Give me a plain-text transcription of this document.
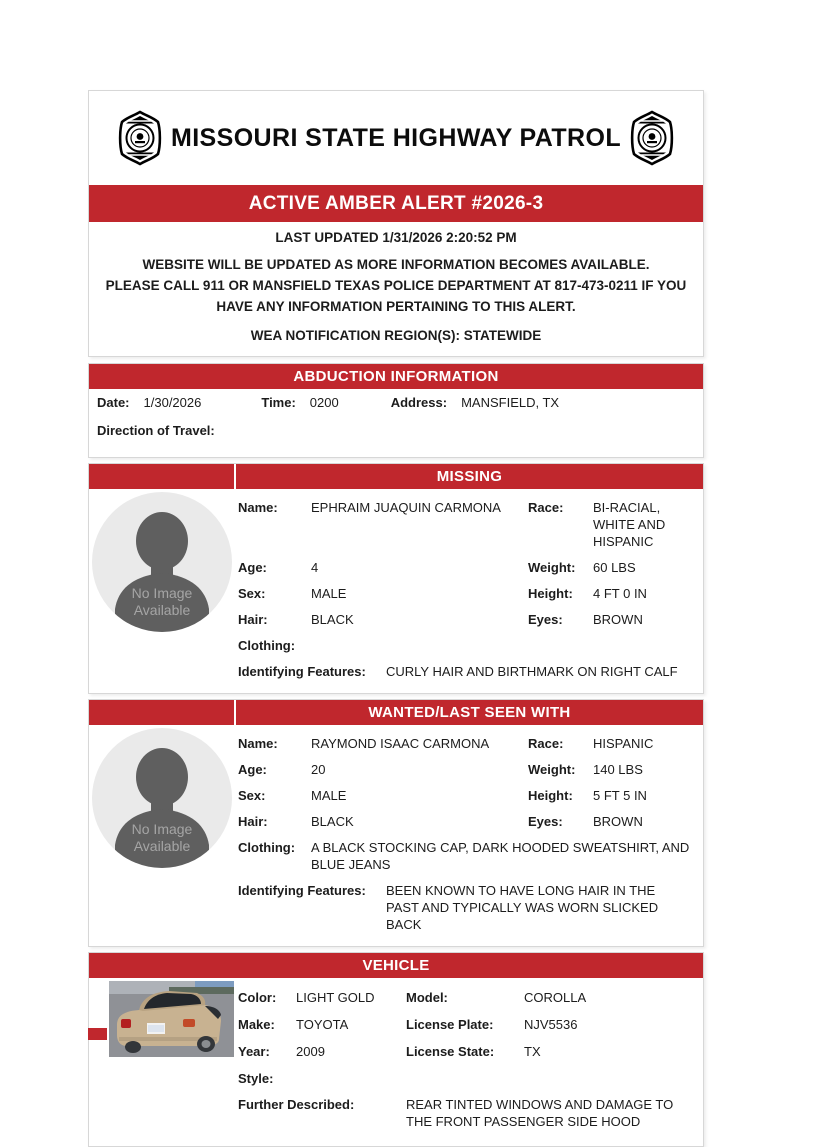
MISSOURI STATE HIGHWAY PATROL
ACTIVE AMBER ALERT #2026-3
LAST UPDATED 1/31/2026 2:20:52 PM
WEBSITE WILL BE UPDATED AS MORE INFORMATION BECOMES AVAILABLE.
PLEASE CALL 911 OR MANSFIELD TEXAS POLICE DEPARTMENT AT 817-473-0211 IF YOU HAVE ANY INFORMATION PERTAINING TO THIS ALERT.
WEA NOTIFICATION REGION(S): STATEWIDE
ABDUCTION INFORMATION
Date: 1/30/2026	Time: 0200	Address: MANSFIELD, TX
Direction of Travel:
MISSING
No Image
Available
Name:	EPHRAIM JUAQUIN CARMONA	Race:	BI-RACIAL, WHITE AND HISPANIC
Age:	4	Weight:	60 LBS
Sex:	MALE	Height:	4 FT 0 IN
Hair:	BLACK	Eyes:	BROWN
Clothing:
Identifying Features:	CURLY HAIR AND BIRTHMARK ON RIGHT CALF
WANTED/LAST SEEN WITH
No Image
Available
Name:	RAYMOND ISAAC CARMONA	Race:	HISPANIC
Age:	20	Weight:	140 LBS
Sex:	MALE	Height:	5 FT 5 IN
Hair:	BLACK	Eyes:	BROWN
Clothing:	A BLACK STOCKING CAP, DARK HOODED SWEATSHIRT, AND BLUE JEANS
Identifying Features:	BEEN KNOWN TO HAVE LONG HAIR IN THE PAST AND TYPICALLY WAS WORN SLICKED BACK
VEHICLE
Color:	LIGHT GOLD	Model:	COROLLA
Make:	TOYOTA	License Plate:	NJV5536
Year:	2009	License State:	TX
Style:
Further Described:	REAR TINTED WINDOWS AND DAMAGE TO THE FRONT PASSENGER SIDE HOOD
